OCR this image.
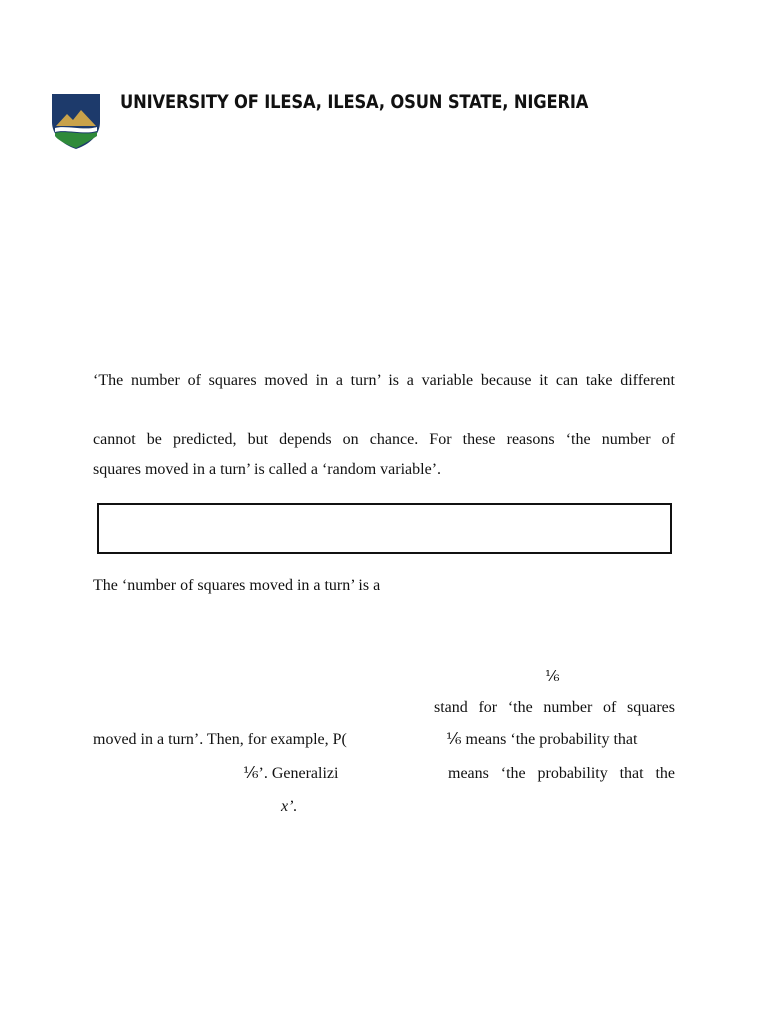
UNIVERSITY OF ILESA, ILESA, OSUN STATE, NIGERIA
‘The number of squares moved in a turn’ is a variable because it can take different
cannot be predicted, but depends on chance. For these reasons ‘the number of
squares moved in a turn’ is called a ‘random variable’.
The ‘number of squares moved in a turn’ is a
⅙
stand for ‘the number of squares
moved in a turn’. Then, for example, P(	⅙ means ‘the probability that
⅙’. Generalizi	means ‘the probability that the
x’.
